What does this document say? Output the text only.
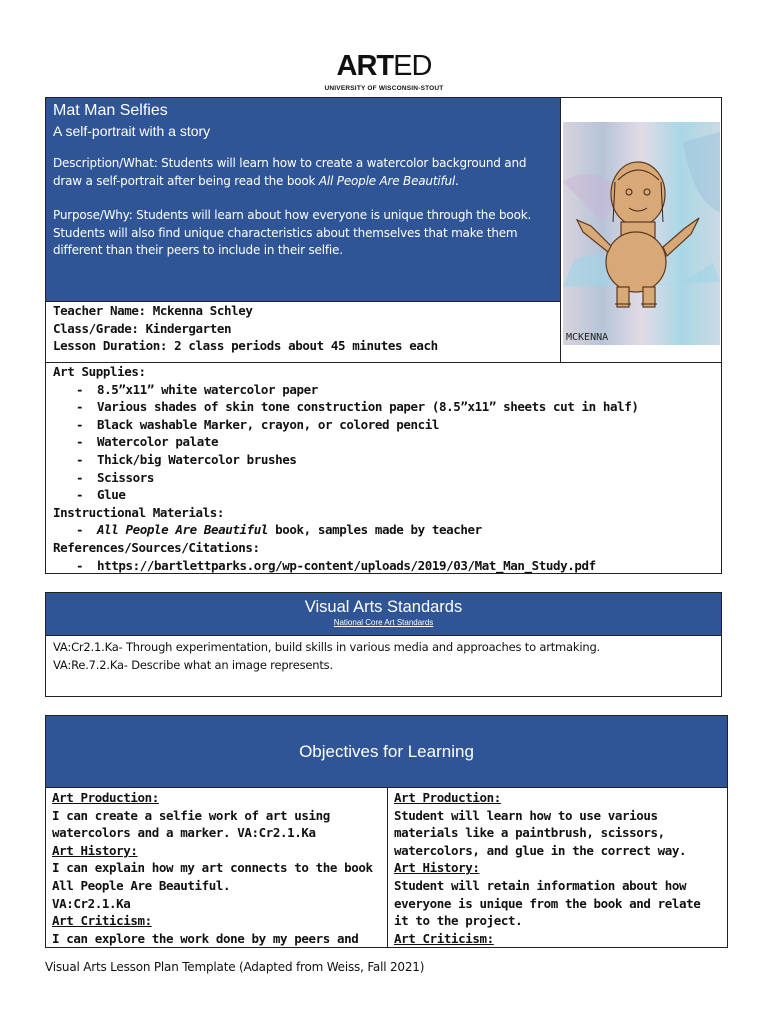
ARTED
UNIVERSITY OF WISCONSIN-STOUT
Mat Man Selfies
A self-portrait with a story

Description/What: Students will learn how to create a watercolor background and draw a self-portrait after being read the book All People Are Beautiful.

Purpose/Why: Students will learn about how everyone is unique through the book. Students will also find unique characteristics about themselves that make them different than their peers to include in their selfie.

Teacher Name: Mckenna Schley
Class/Grade: Kindergarten
Lesson Duration: 2 class periods about 45 minutes each
MCKENNA
Art Supplies:
- 8.5”x11” white watercolor paper
- Various shades of skin tone construction paper (8.5”x11” sheets cut in half)
- Black washable Marker, crayon, or colored pencil
- Watercolor palate
- Thick/big Watercolor brushes
- Scissors
- Glue
Instructional Materials:
- All People Are Beautiful book, samples made by teacher
References/Sources/Citations:
- https://bartlettparks.org/wp-content/uploads/2019/03/Mat_Man_Study.pdf
Visual Arts Standards
National Core Art Standards
VA:Cr2.1.Ka- Through experimentation, build skills in various media and approaches to artmaking.
VA:Re.7.2.Ka- Describe what an image represents.
Objectives for Learning
Art Production:
I can create a selfie work of art using watercolors and a marker. VA:Cr2.1.Ka
Art History:
I can explain how my art connects to the book All People Are Beautiful.
VA:Cr2.1.Ka
Art Criticism:
I can explore the work done by my peers and
Art Production:
Student will learn how to use various materials like a paintbrush, scissors, watercolors, and glue in the correct way.
Art History:
Student will retain information about how everyone is unique from the book and relate it to the project.
Art Criticism:
Visual Arts Lesson Plan Template (Adapted from Weiss, Fall 2021)
